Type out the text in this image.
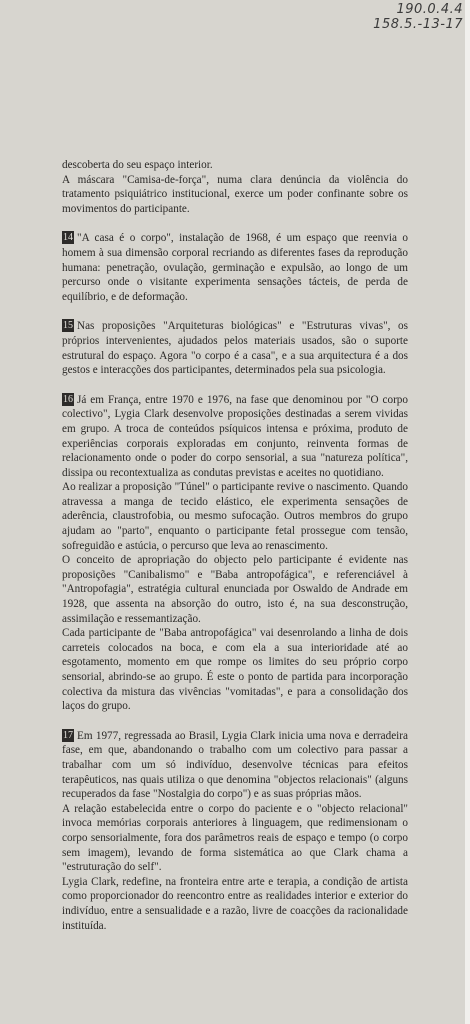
190.0.4.4
158.5.-13-17

descoberta do seu espaço interior.

A máscara "Camisa-de-força", numa clara denúncia da violência do tratamento psiquiátrico institucional, exerce um poder confinante sobre os movimentos do participante.

14 "A casa é o corpo", instalação de 1968, é um espaço que reenvia o homem à sua dimensão corporal recriando as diferentes fases da reprodução humana: penetração, ovulação, germinação e expulsão, ao longo de um percurso onde o visitante experimenta sensações tácteis, de perda de equilíbrio, e de deformação.

15 Nas proposições "Arquiteturas biológicas" e "Estruturas vivas", os próprios intervenientes, ajudados pelos materiais usados, são o suporte estrutural do espaço. Agora "o corpo é a casa", e a sua arquitectura é a dos gestos e interacções dos participantes, determinados pela sua psicologia.

16 Já em França, entre 1970 e 1976, na fase que denominou por "O corpo colectivo", Lygia Clark desenvolve proposições destinadas a serem vividas em grupo. A troca de conteúdos psíquicos intensa e próxima, produto de experiências corporais exploradas em conjunto, reinventa formas de relacionamento onde o poder do corpo sensorial, a sua "natureza política", dissipa ou recontextualiza as condutas previstas e aceites no quotidiano.

Ao realizar a proposição "Túnel" o participante revive o nascimento. Quando atravessa a manga de tecido elástico, ele experimenta sensações de aderência, claustrofobia, ou mesmo sufocação. Outros membros do grupo ajudam ao "parto", enquanto o participante fetal prossegue com tensão, sofreguidão e astúcia, o percurso que leva ao renascimento.

O conceito de apropriação do objecto pelo participante é evidente nas proposições "Canibalismo" e "Baba antropofágica", e referenciável à "Antropofagia", estratégia cultural enunciada por Oswaldo de Andrade em 1928, que assenta na absorção do outro, isto é, na sua desconstrução, assimilação e ressemantização.

Cada participante de "Baba antropofágica" vai desenrolando a linha de dois carreteis colocados na boca, e com ela a sua interioridade até ao esgotamento, momento em que rompe os limites do seu próprio corpo sensorial, abrindo-se ao grupo. É este o ponto de partida para incorporação colectiva da mistura das vivências "vomitadas", e para a consolidação dos laços do grupo.

17 Em 1977, regressada ao Brasil, Lygia Clark inicia uma nova e derradeira fase, em que, abandonando o trabalho com um colectivo para passar a trabalhar com um só indivíduo, desenvolve técnicas para efeitos terapêuticos, nas quais utiliza o que denomina "objectos relacionais" (alguns recuperados da fase "Nostalgia do corpo") e as suas próprias mãos.

A relação estabelecida entre o corpo do paciente e o "objecto relacional" invoca memórias corporais anteriores à linguagem, que redimensionam o corpo sensorialmente, fora dos parâmetros reais de espaço e tempo (o corpo sem imagem), levando de forma sistemática ao que Clark chama a "estruturação do self".

Lygia Clark, redefine, na fronteira entre arte e terapia, a condição de artista como proporcionador do reencontro entre as realidades interior e exterior do indivíduo, entre a sensualidade e a razão, livre de coacções da racionalidade instituída.
